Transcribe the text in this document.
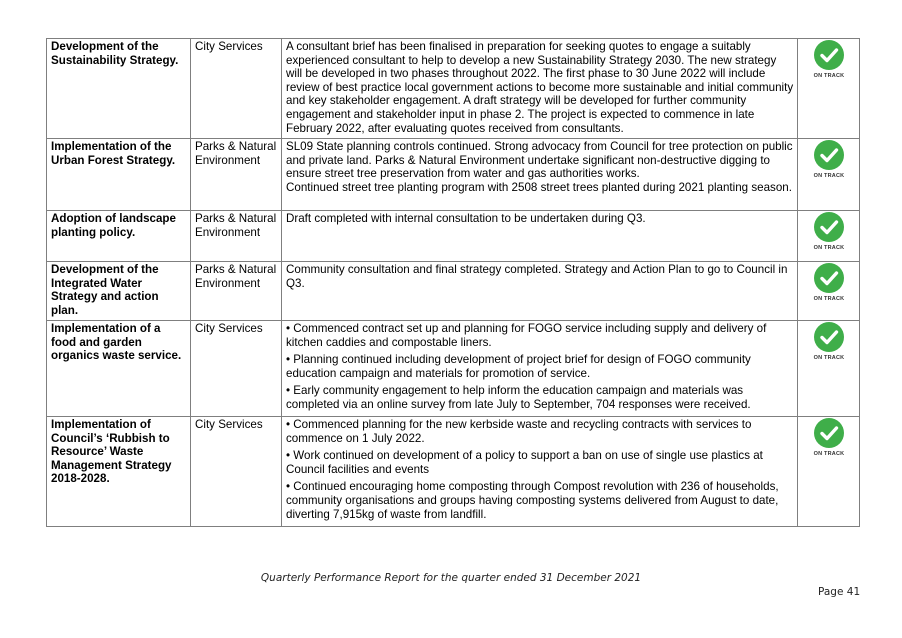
Development of the Sustainability Strategy.	City Services	A consultant brief has been finalised in preparation for seeking quotes to engage a suitably experienced consultant to help to develop a new Sustainability Strategy 2030. The new strategy will be developed in two phases throughout 2022. The first phase to 30 June 2022 will include review of best practice local government actions to become more sustainable and initial community and key stakeholder engagement. A draft strategy will be developed for further community engagement and stakeholder input in phase 2. The project is expected to commence in late February 2022, after evaluating quotes received from consultants.	ON TRACK

Implementation of the Urban Forest Strategy.	Parks & Natural Environment	SL09 State planning controls continued. Strong advocacy from Council for tree protection on public and private land. Parks & Natural Environment undertake significant non-destructive digging to ensure street tree preservation from water and gas authorities works.
Continued street tree planting program with 2508 street trees planted during 2021 planting season.	ON TRACK

Adoption of landscape planting policy.	Parks & Natural Environment	Draft completed with internal consultation to be undertaken during Q3.	ON TRACK

Development of the Integrated Water Strategy and action plan.	Parks & Natural Environment	Community consultation and final strategy completed. Strategy and Action Plan to go to Council in Q3.	ON TRACK

Implementation of a food and garden organics waste service.	City Services	• Commenced contract set up and planning for FOGO service including supply and delivery of kitchen caddies and compostable liners.
• Planning continued including development of project brief for design of FOGO community education campaign and materials for promotion of service.
• Early community engagement to help inform the education campaign and materials was completed via an online survey from late July to September, 704 responses were received.	ON TRACK

Implementation of Council’s ‘Rubbish to Resource’ Waste Management Strategy 2018-2028.	City Services	• Commenced planning for the new kerbside waste and recycling contracts with services to commence on 1 July 2022.
• Work continued on development of a policy to support a ban on use of single use plastics at Council facilities and events
• Continued encouraging home composting through Compost revolution with 236 of households, community organisations and groups having composting systems delivered from August to date, diverting 7,915kg of waste from landfill.	ON TRACK
Quarterly Performance Report for the quarter ended 31 December 2021
Page 41
